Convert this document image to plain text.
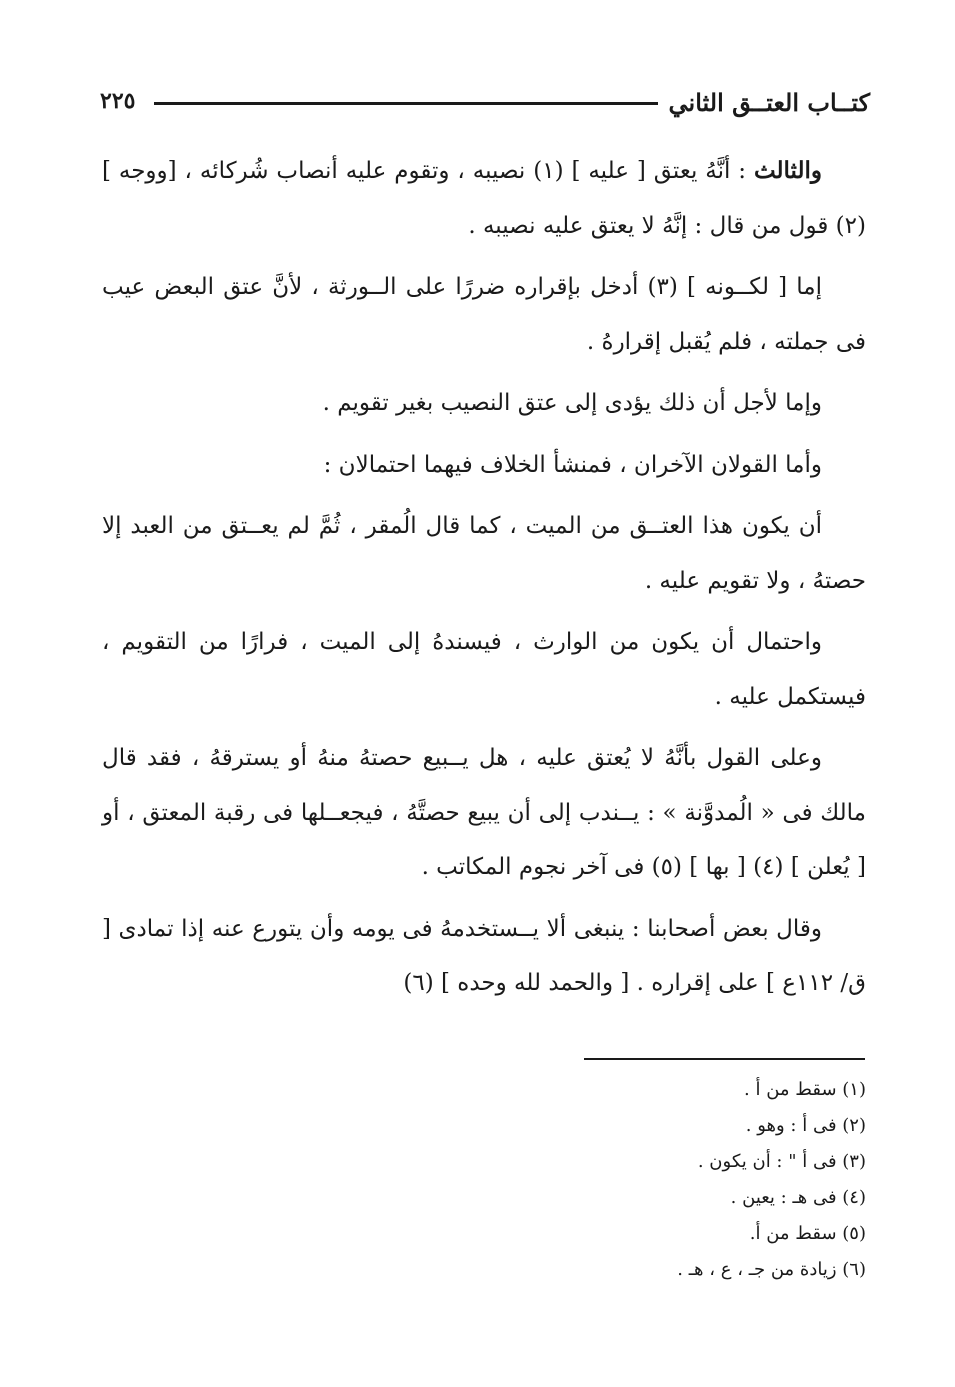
كتــاب العتــق الثاني
٢٢٥

والثالث : أنَّهُ يعتق [ عليه ] (١) نصيبه ، وتقوم عليه أنصاب شُركائه ، [ووجه ] (٢) قول من قال : إنَّهُ لا يعتق عليه نصيبه .

إما [ لكــونه ] (٣) أدخل بإقراره ضررًا على الــورثة ، لأنَّ عتق البعض عيب فى جملته ، فلم يُقبل إقرارهُ .

وإما لأجل أن ذلك يؤدى إلى عتق النصيب بغير تقويم .

وأما القولان الآخران ، فمنشأ الخلاف فيهما احتمالان :

أن يكون هذا العتــق من الميت ، كما قال الُمقر ، ثُمَّ لم يعــتق من العبد إلا حصتهُ ، ولا تقويم عليه .

واحتمال أن يكون من الوارث ، فيسندهُ إلى الميت ، فرارًا من التقويم ، فيستكمل عليه .

وعلى القول بأنَّهُ لا يُعتق عليه ، هل يــبيع حصتهُ منهُ أو يسترقهُ ، فقد قال مالك فى « الُمدوَّنة » : يــندب إلى أن يبيع حصتَّهُ ، فيجعــلها فى رقبة المعتق ، أو [ يُعلن ] (٤) [ بها ] (٥) فى آخر نجوم المكاتب .

وقال بعض أصحابنا : ينبغى ألا يــستخدمهُ فى يومه وأن يتورع عنه إذا تمادى [ ق/ ١١٢ع ] على إقراره . [ والحمد لله وحده ] (٦)

(١) سقط من أ .
(٢) فى أ : وهو .
(٣) فى أ " : أن يكون .
(٤) فى هـ : يعين .
(٥) سقط من أ.
(٦) زيادة من جـ ، ع ، هـ .
